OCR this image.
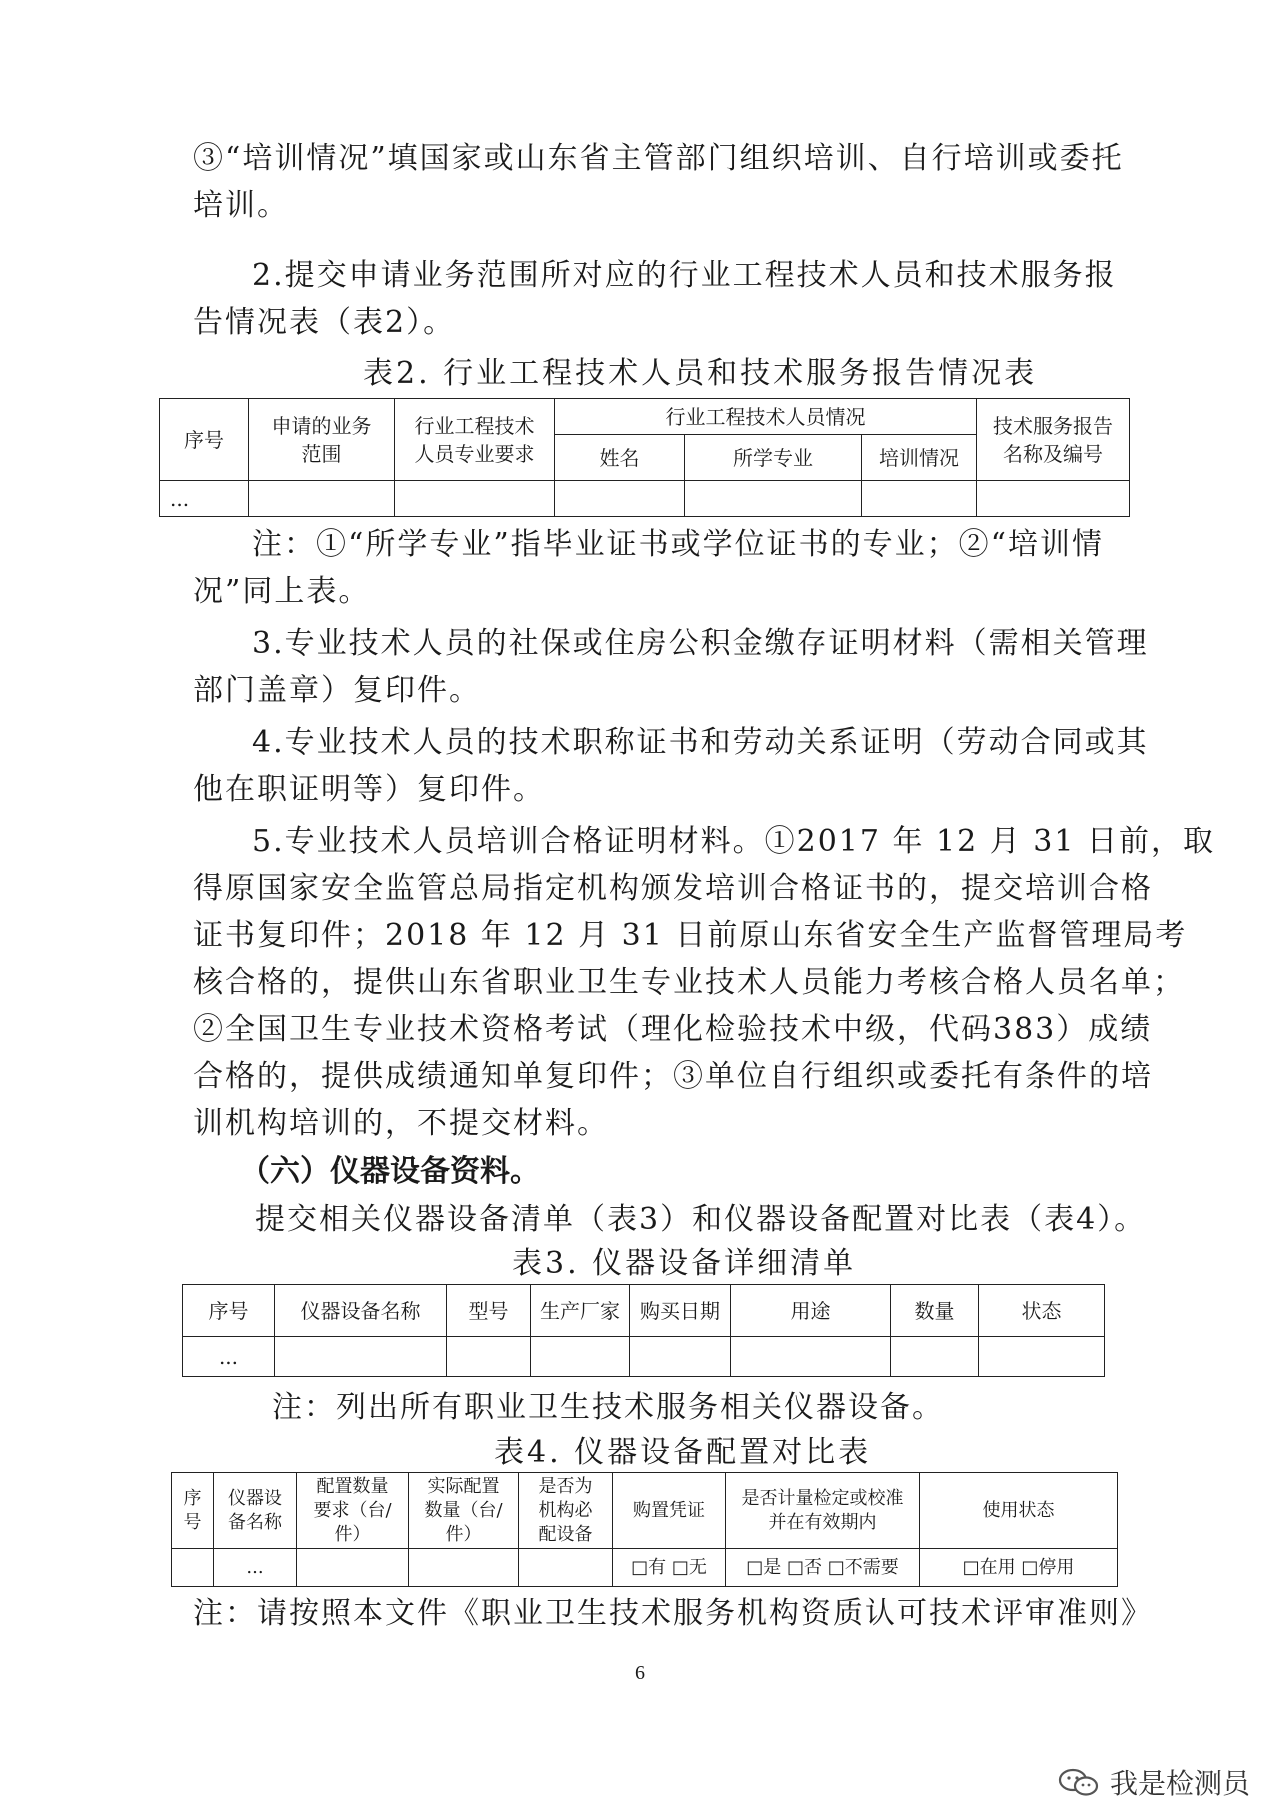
③“培训情况”填国家或山东省主管部门组织培训、自行培训或委托
培训。
2.提交申请业务范围所对应的行业工程技术人员和技术服务报
告情况表（表2）。
表2. 行业工程技术人员和技术服务报告情况表
序号	申请的业务范围	行业工程技术人员专业要求	行业工程技术人员情况			技术服务报告名称及编号
			姓名	所学专业	培训情况	
...						
注：①“所学专业”指毕业证书或学位证书的专业；②“培训情
况”同上表。
3.专业技术人员的社保或住房公积金缴存证明材料（需相关管理
部门盖章）复印件。
4.专业技术人员的技术职称证书和劳动关系证明（劳动合同或其
他在职证明等）复印件。
5.专业技术人员培训合格证明材料。①2017 年 12 月 31 日前，取
得原国家安全监管总局指定机构颁发培训合格证书的，提交培训合格
证书复印件；2018 年 12 月 31 日前原山东省安全生产监督管理局考
核合格的，提供山东省职业卫生专业技术人员能力考核合格人员名单；
②全国卫生专业技术资格考试（理化检验技术中级，代码383）成绩
合格的，提供成绩通知单复印件；③单位自行组织或委托有条件的培
训机构培训的，不提交材料。
（六）仪器设备资料。
提交相关仪器设备清单（表3）和仪器设备配置对比表（表4）。
表3. 仪器设备详细清单
序号	仪器设备名称	型号	生产厂家	购买日期	用途	数量	状态
...							
注：列出所有职业卫生技术服务相关仪器设备。
表4. 仪器设备配置对比表
序号	仪器设备名称	配置数量要求（台/件）	实际配置数量（台/件）	是否为机构必配设备	购置凭证	是否计量检定或校准并在有效期内	使用状态
	...				□有 □无	□是 □否 □不需要	□在用 □停用
注：请按照本文件《职业卫生技术服务机构资质认可技术评审准则》
6
我是检测员
